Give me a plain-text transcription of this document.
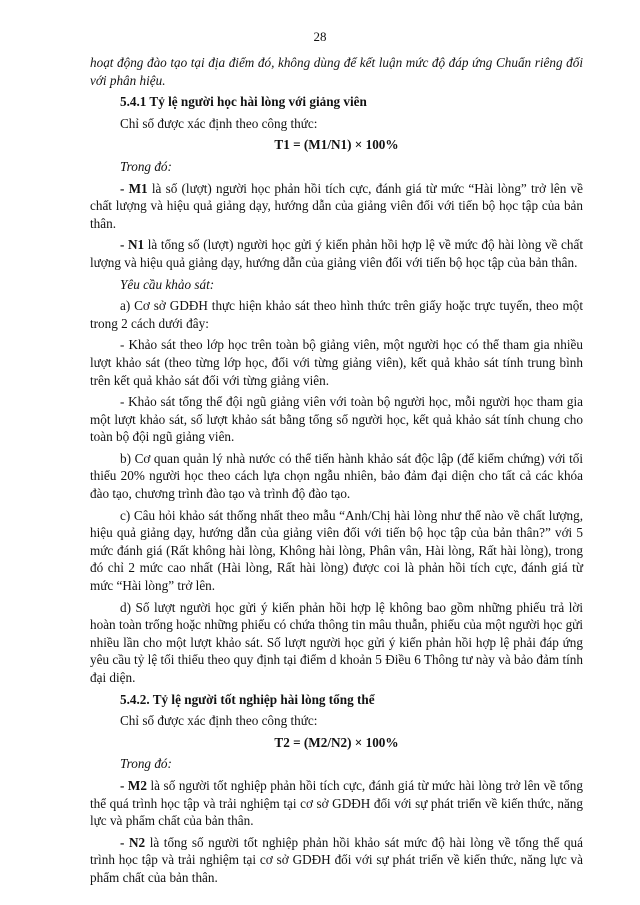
28

hoạt động đào tạo tại địa điểm đó, không dùng để kết luận mức độ đáp ứng Chuẩn riêng đối với phân hiệu.

5.4.1 Tỷ lệ người học hài lòng với giảng viên

Chỉ số được xác định theo công thức:

T1 = (M1/N1) × 100%

Trong đó:

- M1 là số (lượt) người học phản hồi tích cực, đánh giá từ mức “Hài lòng” trở lên về chất lượng và hiệu quả giảng dạy, hướng dẫn của giảng viên đối với tiến bộ học tập của bản thân.

- N1 là tổng số (lượt) người học gửi ý kiến phản hồi hợp lệ về mức độ hài lòng về chất lượng và hiệu quả giảng dạy, hướng dẫn của giảng viên đối với tiến bộ học tập của bản thân.

Yêu cầu khảo sát:

a) Cơ sở GDĐH thực hiện khảo sát theo hình thức trên giấy hoặc trực tuyến, theo một trong 2 cách dưới đây:

- Khảo sát theo lớp học trên toàn bộ giảng viên, một người học có thể tham gia nhiều lượt khảo sát (theo từng lớp học, đối với từng giảng viên), kết quả khảo sát tính trung bình trên kết quả khảo sát đối với từng giảng viên.

- Khảo sát tổng thể đội ngũ giảng viên với toàn bộ người học, mỗi người học tham gia một lượt khảo sát, số lượt khảo sát bằng tổng số người học, kết quả khảo sát tính chung cho toàn bộ đội ngũ giảng viên.

b) Cơ quan quản lý nhà nước có thể tiến hành khảo sát độc lập (để kiểm chứng) với tối thiểu 20% người học theo cách lựa chọn ngẫu nhiên, bảo đảm đại diện cho tất cả các khóa đào tạo, chương trình đào tạo và trình độ đào tạo.

c) Câu hỏi khảo sát thống nhất theo mẫu “Anh/Chị hài lòng như thế nào về chất lượng, hiệu quả giảng dạy, hướng dẫn của giảng viên đối với tiến bộ học tập của bản thân?” với 5 mức đánh giá (Rất không hài lòng, Không hài lòng, Phân vân, Hài lòng, Rất hài lòng), trong đó chỉ 2 mức cao nhất (Hài lòng, Rất hài lòng) được coi là phản hồi tích cực, đánh giá từ mức “Hài lòng” trở lên.

d) Số lượt người học gửi ý kiến phản hồi hợp lệ không bao gồm những phiếu trả lời hoàn toàn trống hoặc những phiếu có chứa thông tin mâu thuẫn, phiếu của một người học gửi nhiều lần cho một lượt khảo sát. Số lượt người học gửi ý kiến phản hồi hợp lệ phải đáp ứng yêu cầu tỷ lệ tối thiểu theo quy định tại điểm d khoản 5 Điều 6 Thông tư này và bảo đảm tính đại diện.

5.4.2. Tỷ lệ người tốt nghiệp hài lòng tổng thể

Chỉ số được xác định theo công thức:

T2 = (M2/N2) × 100%

Trong đó:

- M2 là số người tốt nghiệp phản hồi tích cực, đánh giá từ mức hài lòng trở lên về tổng thể quá trình học tập và trải nghiệm tại cơ sở GDĐH đối với sự phát triển về kiến thức, năng lực và phẩm chất của bản thân.

- N2 là tổng số người tốt nghiệp phản hồi khảo sát mức độ hài lòng về tổng thể quá trình học tập và trải nghiệm tại cơ sở GDĐH đối với sự phát triển về kiến thức, năng lực và phẩm chất của bản thân.
